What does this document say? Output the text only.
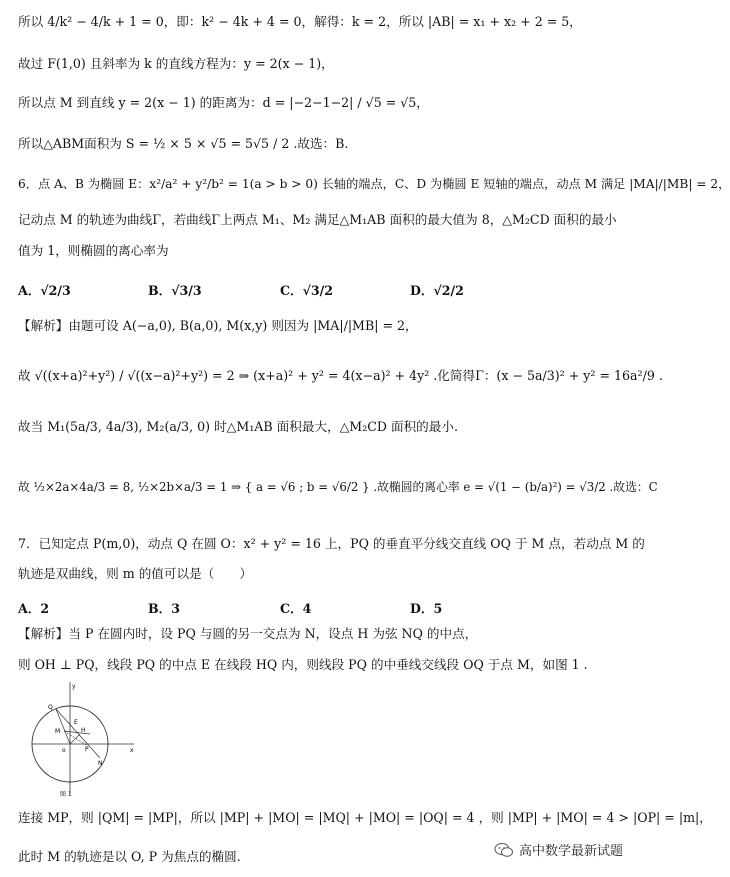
所以 4/k² − 4/k + 1 = 0，即：k² − 4k + 4 = 0，解得：k = 2，所以 |AB| = x₁ + x₂ + 2 = 5，
故过 F(1,0) 且斜率为 k 的直线方程为：y = 2(x − 1)，
所以点 M 到直线 y = 2(x − 1) 的距离为：d = |−2−1−2| / √5 = √5，
所以△ABM面积为 S = ½ × 5 × √5 = 5√5 / 2 .故选：B.
6．点 A、B 为椭圆 E：x²/a² + y²/b² = 1(a > b > 0) 长轴的端点，C、D 为椭圆 E 短轴的端点，动点 M 满足 |MA|/|MB| = 2，
记动点 M 的轨迹为曲线Γ，若曲线Γ上两点 M₁、M₂ 满足△M₁AB 面积的最大值为 8，△M₂CD 面积的最小
值为 1，则椭圆的离心率为
A．√2/3	B．√3/3	C．√3/2	D．√2/2
【解析】由题可设 A(−a,0), B(a,0), M(x,y) 则因为 |MA|/|MB| = 2，
故 √((x+a)²+y²) / √((x−a)²+y²) = 2 ⇒ (x+a)² + y² = 4(x−a)² + 4y² .化简得Γ：(x − 5a/3)² + y² = 16a²/9 .
故当 M₁(5a/3, 4a/3), M₂(a/3, 0) 时△M₁AB 面积最大，△M₂CD 面积的最小.
故 ½×2a×4a/3 = 8, ½×2b×a/3 = 1 ⇒ { a = √6 ; b = √6/2 } .故椭圆的离心率 e = √(1 − (b/a)²) = √3/2 .故选：C
7．已知定点 P(m,0)，动点 Q 在圆 O：x² + y² = 16 上，PQ 的垂直平分线交直线 OQ 于 M 点，若动点 M 的
轨迹是双曲线，则 m 的值可以是（　　）
A．2	B．3	C．4	D．5
【解析】当 P 在圆内时，设 PQ 与圆的另一交点为 N，设点 H 为弦 NQ 的中点，
则 OH ⊥ PQ，线段 PQ 的中点 E 在线段 HQ 内，则线段 PQ 的中垂线交线段 OQ 于点 M，如图 1 .
y
x
o
Q
M
E
H
P
N
图 1
连接 MP，则 |QM| = |MP|，所以 |MP| + |MO| = |MQ| + |MO| = |OQ| = 4 ，则 |MP| + |MO| = 4 > |OP| = |m|，
此时 M 的轨迹是以 O, P 为焦点的椭圆.	高中数学最新试题
